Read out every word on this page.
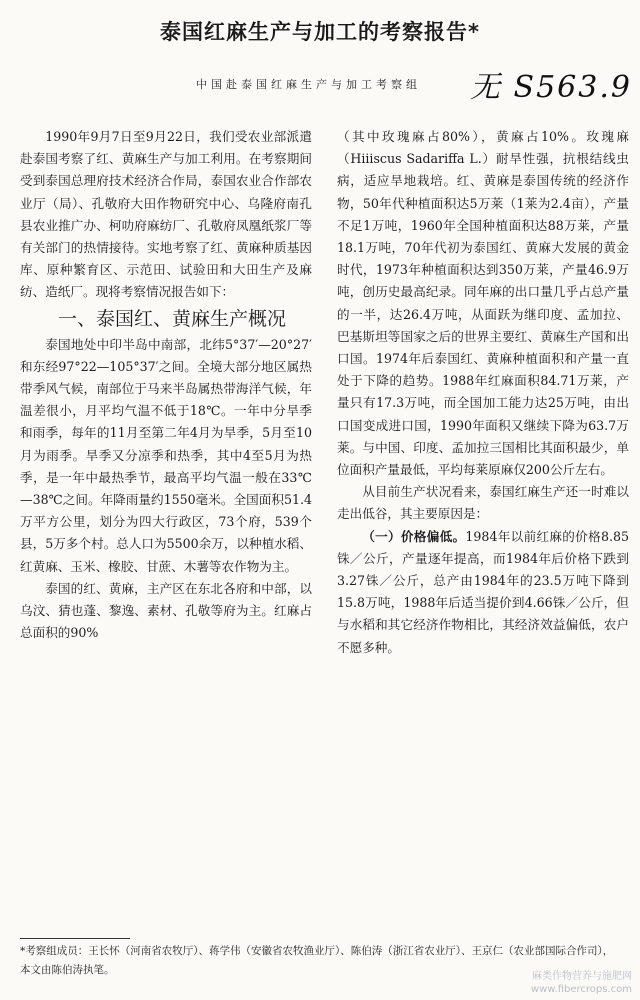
泰国红麻生产与加工的考察报告*
中国赴泰国红麻生产与加工考察组 无 S563.9

1990年9月7日至9月22日，我们受农业部派遣赴泰国考察了红、黄麻生产与加工利用。在考察期间受到泰国总理府技术经济合作局，泰国农业合作部农业厅（局）、孔敬府大田作物研究中心、乌隆府南孔县农业推广办、柯叻府麻纺厂、孔敬府凤凰纸浆厂等有关部门的热情接待。实地考察了红、黄麻种质基因库、原种繁育区、示范田、试验田和大田生产及麻纺、造纸厂。现将考察情况报告如下：

一、泰国红、黄麻生产概况

泰国地处中印半岛中南部，北纬5°37′—20°27′和东经97°22—105°37′之间。全境大部分地区属热带季风气候，南部位于马来半岛属热带海洋气候，年温差很小，月平均气温不低于18℃。一年中分旱季和雨季，每年的11月至第二年4月为旱季，5月至10月为雨季。旱季又分凉季和热季，其中4至5月为热季，是一年中最热季节，最高平均气温一般在33℃—38℃之间。年降雨量约1550毫米。全国面积51.4万平方公里，划分为四大行政区，73个府，539个县，5万多个村。总人口为5500余万，以种植水稻、红黄麻、玉米、橡胶、甘蔗、木薯等农作物为主。

泰国的红、黄麻，主产区在东北各府和中部，以乌汶、猜也蓬、黎逸、素材、孔敬等府为主。红麻占总面积的90%

（其中玫瑰麻占80%），黄麻占10%。玫瑰麻（Hiiiscus Sadariffa L.）耐旱性强，抗根结线虫病，适应旱地栽培。红、黄麻是泰国传统的经济作物，50年代种植面积达5万莱（1莱为2.4亩），产量不足1万吨，1960年全国种植面积达88万莱，产量18.1万吨，70年代初为泰国红、黄麻大发展的黄金时代，1973年种植面积达到350万莱，产量46.9万吨，创历史最高纪录。同年麻的出口量几乎占总产量的一半，达26.4万吨，从面跃为继印度、孟加拉、巴基斯坦等国家之后的世界主要红、黄麻生产国和出口国。1974年后泰国红、黄麻种植面积和产量一直处于下降的趋势。1988年红麻面积84.71万莱，产量只有17.3万吨，而全国加工能力达25万吨，由出口国变成进口国，1990年面积又继续下降为63.7万莱。与中国、印度、孟加拉三国相比其面积最少，单位面积产量最低，平均每莱原麻仅200公斤左右。

从目前生产状况看来，泰国红麻生产还一时难以走出低谷，其主要原因是：

（一）价格偏低。1984年以前红麻的价格8.85铢／公斤，产量逐年提高，而1984年后价格下跌到3.27铢／公斤，总产由1984年的23.5万吨下降到15.8万吨，1988年后适当提价到4.66铢／公斤，但与水稻和其它经济作物相比，其经济效益偏低，农户不愿多种。

*考察组成员：王长怀（河南省农牧厅）、蒋学伟（安徽省农牧渔业厅）、陈伯涛（浙江省农业厅）、王京仁（农业部国际合作司），本文由陈伯涛执笔。
麻类作物营养与施肥网
www.fibercrops.com
